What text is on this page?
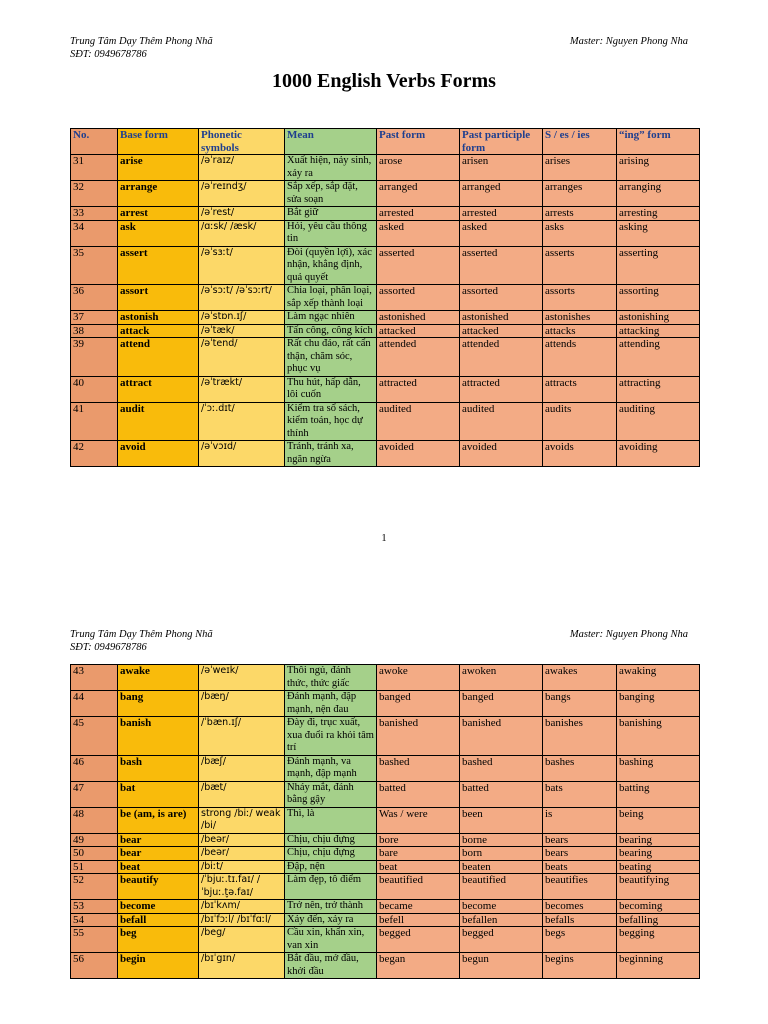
Trung Tâm Dạy Thêm Phong Nhã
SĐT: 0949678786
Master: Nguyen Phong Nha
1000 English Verbs Forms
No.	Base form	Phonetic symbols	Mean	Past form	Past participle form	S / es / ies	“ing” form
31	arise	/əˈraɪz/	Xuất hiện, nảy sinh, xảy ra	arose	arisen	arises	arising
32	arrange	/əˈreɪndʒ/	Sắp xếp, sắp đặt, sửa soạn	arranged	arranged	arranges	arranging
33	arrest	/əˈrest/	Bắt giữ	arrested	arrested	arrests	arresting
34	ask	/ɑːsk/ /æsk/	Hỏi, yêu cầu thông tin	asked	asked	asks	asking
35	assert	/əˈsɜːt/	Đòi (quyền lợi), xác nhận, khẳng định, quả quyết	asserted	asserted	asserts	asserting
36	assort	/əˈsɔːt/ /əˈsɔːrt/	Chia loại, phân loại, sắp xếp thành loại	assorted	assorted	assorts	assorting
37	astonish	/əˈstɒn.ɪʃ/	Làm ngạc nhiên	astonished	astonished	astonishes	astonishing
38	attack	/əˈtæk/	Tấn công, công kích	attacked	attacked	attacks	attacking
39	attend	/əˈtend/	Rất chu đáo, rất cẩn thận, chăm sóc, phục vụ	attended	attended	attends	attending
40	attract	/əˈtrækt/	Thu hút, hấp dẫn, lôi cuốn	attracted	attracted	attracts	attracting
41	audit	/ˈɔː.dɪt/	Kiểm tra sổ sách, kiểm toán, học dự thính	audited	audited	audits	auditing
42	avoid	/əˈvɔɪd/	Tránh, tránh xa, ngăn ngừa	avoided	avoided	avoids	avoiding
1
Trung Tâm Dạy Thêm Phong Nhã
SĐT: 0949678786
Master: Nguyen Phong Nha
43	awake	/əˈweɪk/	Thôi ngủ, đánh thức, thức giấc	awoke	awoken	awakes	awaking
44	bang	/bæŋ/	Đánh mạnh, đập mạnh, nện đau	banged	banged	bangs	banging
45	banish	/ˈbæn.ɪʃ/	Đày đi, trục xuất, xua đuổi ra khỏi tâm trí	banished	banished	banishes	banishing
46	bash	/bæʃ/	Đánh mạnh, va mạnh, đập mạnh	bashed	bashed	bashes	bashing
47	bat	/bæt/	Nháy mắt, đánh bằng gậy	batted	batted	bats	batting
48	be (am, is are)	strong /biː/ weak /bi/	Thì, là	Was / were	been	is	being
49	bear	/beər/	Chịu, chịu đựng	bore	borne	bears	bearing
50	bear	/beər/	Chịu, chịu đựng	bare	born	bears	bearing
51	beat	/biːt/	Đập, nện	beat	beaten	beats	beating
52	beautify	/ˈbjuː.tɪ.faɪ/ /ˈbjuː.t̬ə.faɪ/	Làm đẹp, tô điểm	beautified	beautified	beautifies	beautifying
53	become	/bɪˈkʌm/	Trở nên, trở thành	became	become	becomes	becoming
54	befall	/bɪˈfɔːl/ /bɪˈfɑːl/	Xảy đến, xảy ra	befell	befallen	befalls	befalling
55	beg	/beg/	Cầu xin, khẩn xin, van xin	begged	begged	begs	begging
56	begin	/bɪˈgɪn/	Bắt đầu, mở đầu, khởi đầu	began	begun	begins	beginning
